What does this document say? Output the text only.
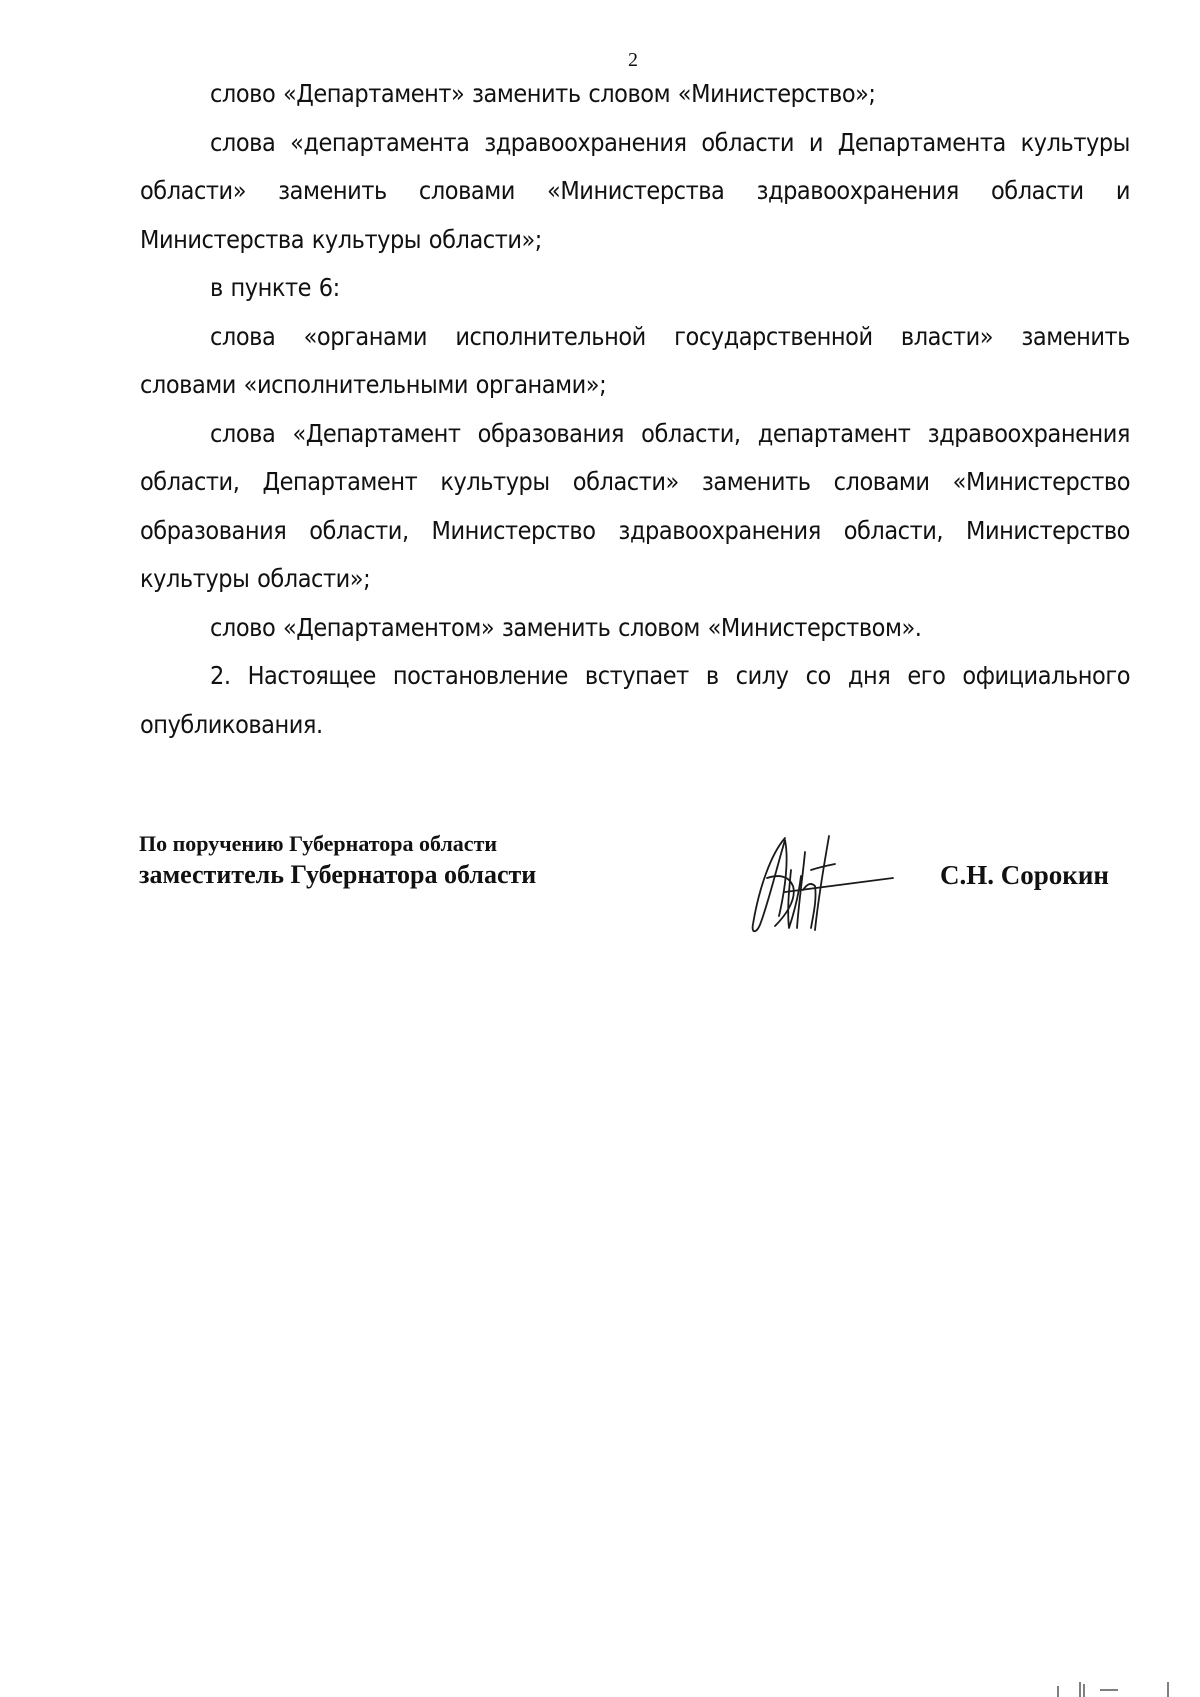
2

слово «Департамент» заменить словом «Министерство»;

слова «департамента здравоохранения области и Департамента культуры области» заменить словами «Министерства здравоохранения области и Министерства культуры области»;

в пункте 6:

слова «органами исполнительной государственной власти» заменить словами «исполнительными органами»;

слова «Департамент образования области, департамент здравоохранения области, Департамент культуры области» заменить словами «Министерство образования области, Министерство здравоохранения области, Министерство культуры области»;

слово «Департаментом» заменить словом «Министерством».

2. Настоящее постановление вступает в силу со дня его официального опубликования.

По поручению Губернатора области
заместитель Губернатора области	С.Н. Сорокин
